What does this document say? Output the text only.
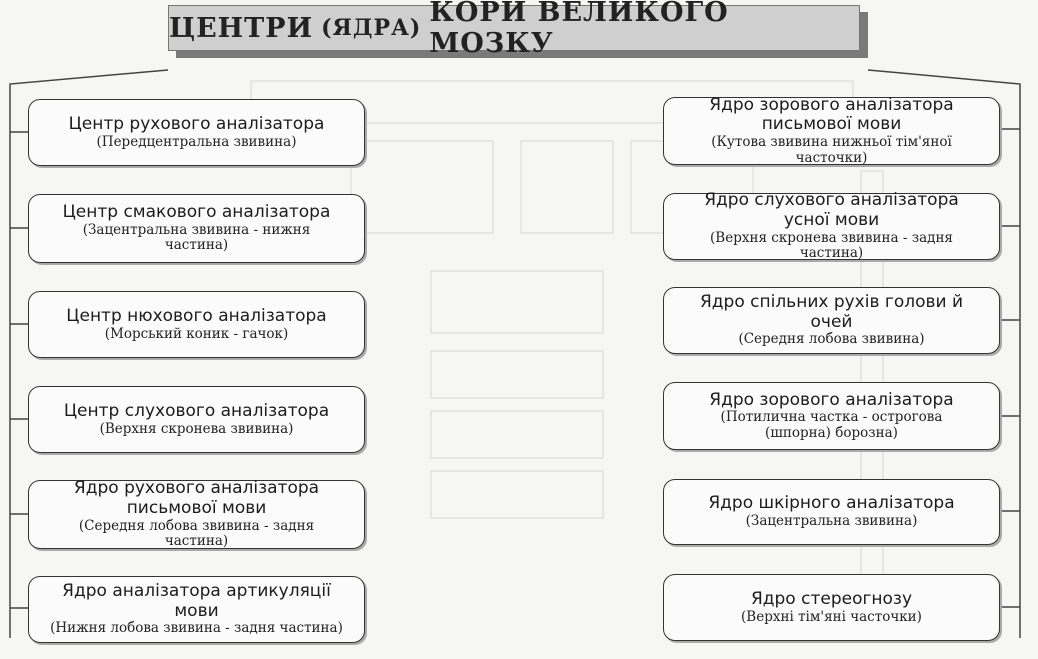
ЦЕНТРИ (ЯДРА) КОРИ ВЕЛИКОГО МОЗКУ
Центр рухового аналізатора
(Передцентральна звивина)
Центр смакового аналізатора
(Зацентральна звивина - нижня частина)
Центр нюхового аналізатора
(Морський коник - гачок)
Центр слухового аналізатора
(Верхня скронева звивина)
Ядро рухового аналізатора письмової мови
(Середня лобова звивина - задня частина)
Ядро аналізатора артикуляції мови
(Нижня лобова звивина - задня частина)
Ядро зорового аналізатора письмової мови
(Кутова звивина нижньої тім'яної часточки)
Ядро слухового аналізатора усної мови
(Верхня скронева звивина - задня частина)
Ядро спільних рухів голови й очей
(Середня лобова звивина)
Ядро зорового аналізатора
(Потилична частка - острогова (шпорна) борозна)
Ядро шкірного аналізатора
(Зацентральна звивина)
Ядро стереогнозу
(Верхні тім'яні часточки)
